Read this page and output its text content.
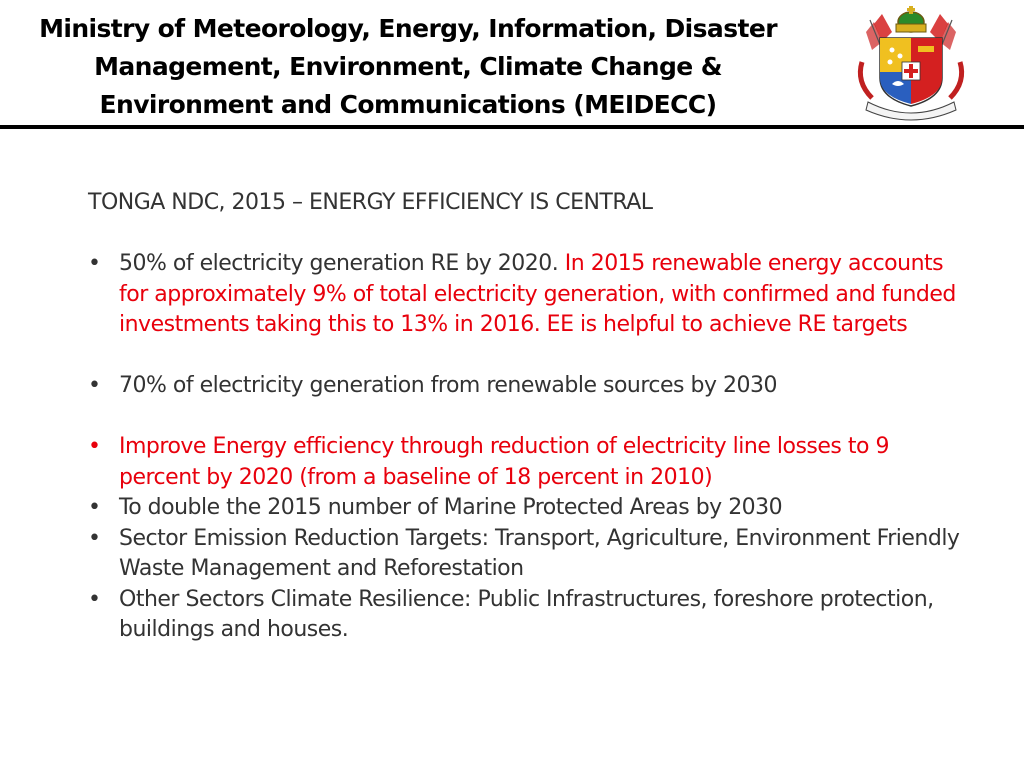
Ministry of Meteorology, Energy, Information, Disaster
Management, Environment, Climate Change &
Environment and Communications (MEIDECC)

TONGA NDC, 2015 – ENERGY EFFICIENCY IS CENTRAL

• 50% of electricity generation RE by 2020. In 2015 renewable energy accounts for approximately 9% of total electricity generation, with confirmed and funded investments taking this to 13% in 2016. EE is helpful to achieve RE targets
• 70% of electricity generation from renewable sources by 2030
• Improve Energy efficiency through reduction of electricity line losses to 9 percent by 2020 (from a baseline of 18 percent in 2010)
• To double the 2015 number of Marine Protected Areas by 2030
• Sector Emission Reduction Targets: Transport, Agriculture, Environment Friendly Waste Management and Reforestation
• Other Sectors Climate Resilience: Public Infrastructures, foreshore protection, buildings and houses.
